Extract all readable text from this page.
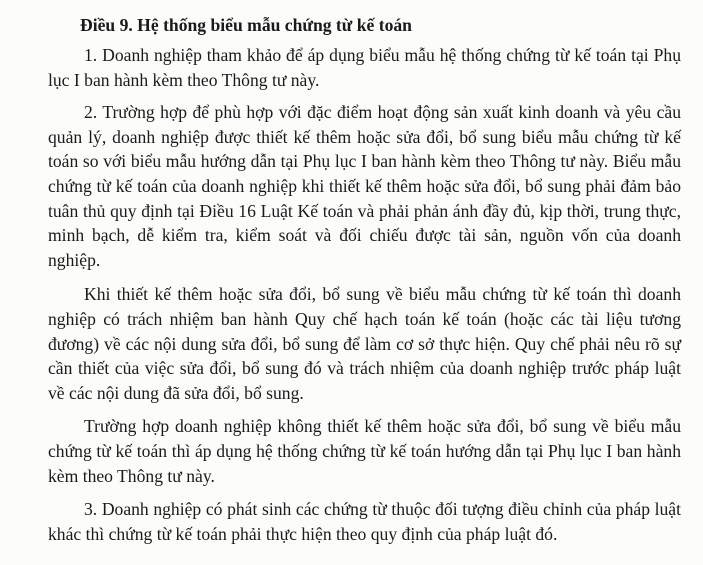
Điều 9. Hệ thống biểu mẫu chứng từ kế toán

1. Doanh nghiệp tham khảo để áp dụng biểu mẫu hệ thống chứng từ kế toán tại Phụ lục I ban hành kèm theo Thông tư này.

2. Trường hợp để phù hợp với đặc điểm hoạt động sản xuất kinh doanh và yêu cầu quản lý, doanh nghiệp được thiết kế thêm hoặc sửa đổi, bổ sung biểu mẫu chứng từ kế toán so với biểu mẫu hướng dẫn tại Phụ lục I ban hành kèm theo Thông tư này. Biểu mẫu chứng từ kế toán của doanh nghiệp khi thiết kế thêm hoặc sửa đổi, bổ sung phải đảm bảo tuân thủ quy định tại Điều 16 Luật Kế toán và phải phản ánh đầy đủ, kịp thời, trung thực, minh bạch, dễ kiểm tra, kiểm soát và đối chiếu được tài sản, nguồn vốn của doanh nghiệp.

Khi thiết kế thêm hoặc sửa đổi, bổ sung về biểu mẫu chứng từ kế toán thì doanh nghiệp có trách nhiệm ban hành Quy chế hạch toán kế toán (hoặc các tài liệu tương đương) về các nội dung sửa đổi, bổ sung để làm cơ sở thực hiện. Quy chế phải nêu rõ sự cần thiết của việc sửa đổi, bổ sung đó và trách nhiệm của doanh nghiệp trước pháp luật về các nội dung đã sửa đổi, bổ sung.

Trường hợp doanh nghiệp không thiết kế thêm hoặc sửa đổi, bổ sung về biểu mẫu chứng từ kế toán thì áp dụng hệ thống chứng từ kế toán hướng dẫn tại Phụ lục I ban hành kèm theo Thông tư này.

3. Doanh nghiệp có phát sinh các chứng từ thuộc đối tượng điều chỉnh của pháp luật khác thì chứng từ kế toán phải thực hiện theo quy định của pháp luật đó.
